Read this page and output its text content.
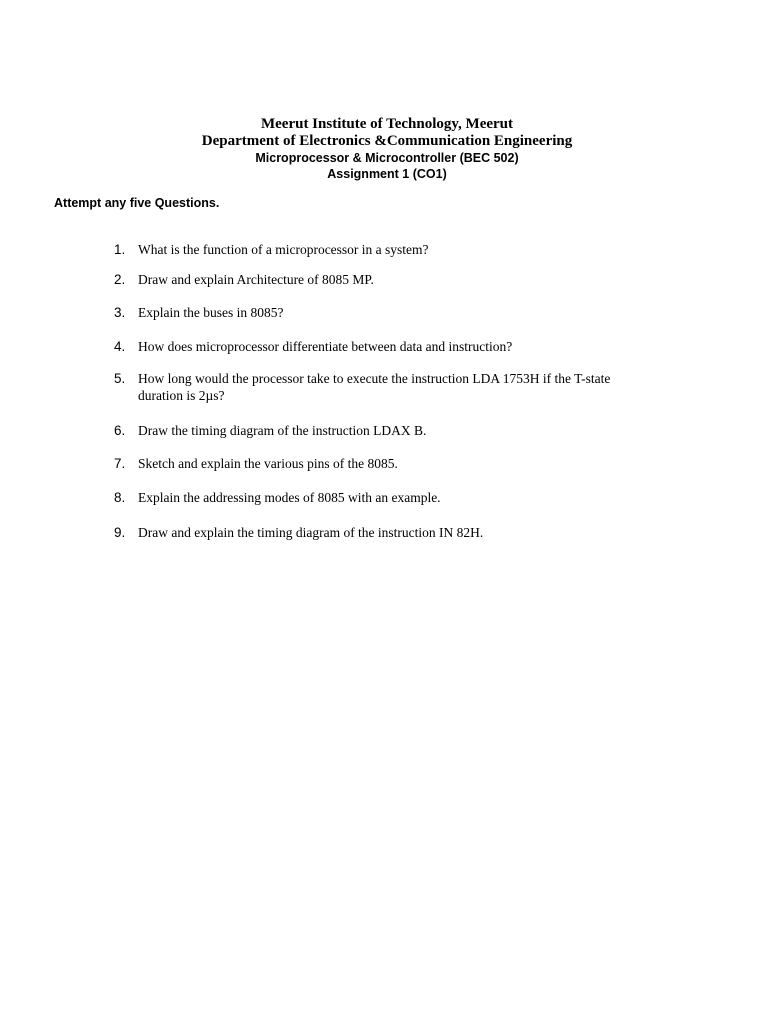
Meerut Institute of Technology, Meerut

Department of Electronics &Communication Engineering

Microprocessor & Microcontroller (BEC 502)

Assignment 1 (CO1)

Attempt any five Questions.
1. What is the function of a microprocessor in a system?
2. Draw and explain Architecture of 8085 MP.
3. Explain the buses in 8085?
4. How does microprocessor differentiate between data and instruction?
5. How long would the processor take to execute the instruction LDA 1753H if the T-state duration is 2µs?
6. Draw the timing diagram of the instruction LDAX B.
7. Sketch and explain the various pins of the 8085.
8. Explain the addressing modes of 8085 with an example.
9. Draw and explain the timing diagram of the instruction IN 82H.
